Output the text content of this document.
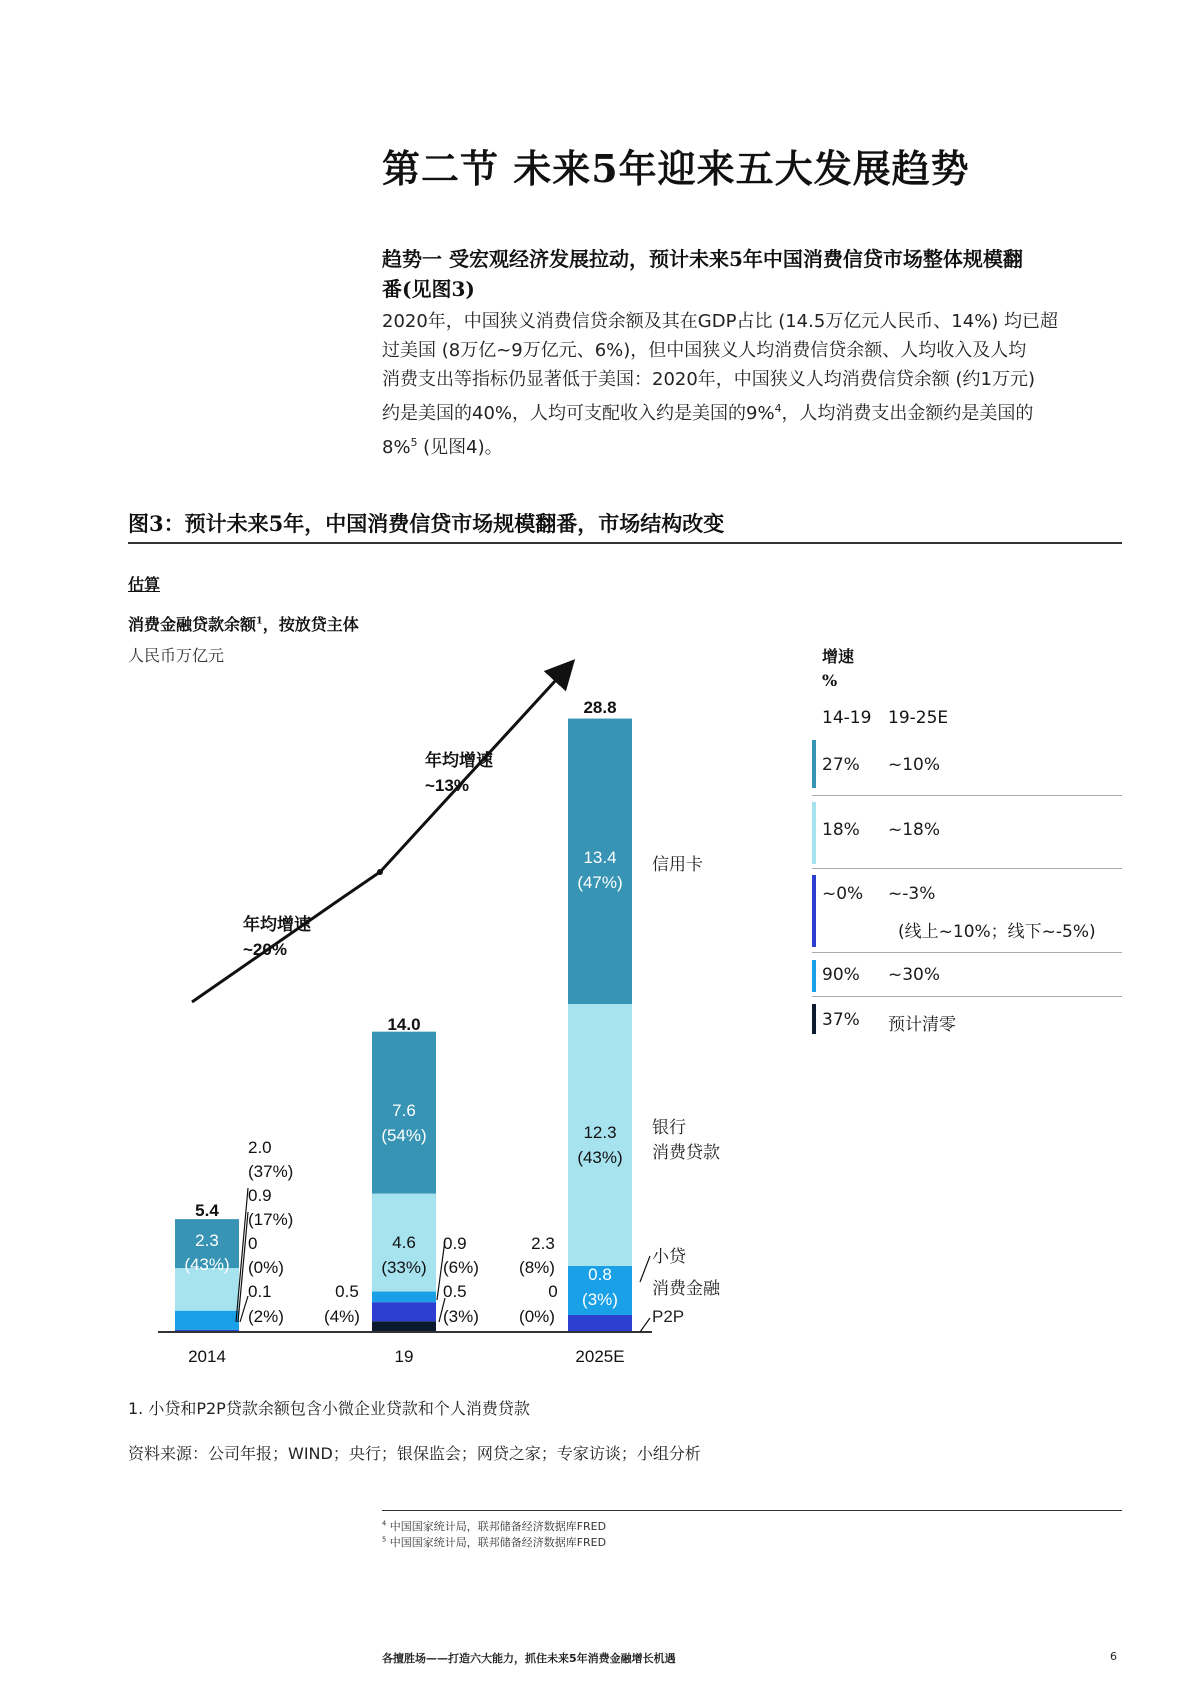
第二节 未来5年迎来五大发展趋势
趋势一 受宏观经济发展拉动，预计未来5年中国消费信贷市场整体规模翻
番(见图3)
2020年，中国狭义消费信贷余额及其在GDP占比 (14.5万亿元人民币、14%) 均已超
过美国 (8万亿~9万亿元、6%)，但中国狭义人均消费信贷余额、人均收入及人均
消费支出等指标仍显著低于美国：2020年，中国狭义人均消费信贷余额 (约1万元)
约是美国的40%，人均可支配收入约是美国的9%$^4$，人均消费支出金额约是美国的
8%$^5$ (见图4)。
图3：预计未来5年，中国消费信贷市场规模翻番，市场结构改变
估算
消费金融贷款余额$^1$，按放贷主体
人民币万亿元
年均增速
~20%
年均增速
~13%
2014	19	2025E
5.4
14.0
28.8
2.3
(43%)
7.6
(54%)
13.4
(47%)
4.6
(33%)
12.3
(43%)
0.8
(3%)
2.0
(37%)
0.9
(17%)
0
(0%)
0.1
(2%)
0.5
(4%)
0.9
(6%)
0.5
(3%)
2.3
(8%)
0
(0%)
信用卡
银行
消费贷款
小贷
消费金融
P2P
增速
%
14-19 19-25E
27% ~10%
18% ~18%
~0% ~-3%
(线上~10%；线下~-5%)
90% ~30%
37% 预计清零
1. 小贷和P2P贷款余额包含小微企业贷款和个人消费贷款
资料来源：公司年报；WIND；央行；银保监会；网贷之家；专家访谈；小组分析
$^4$ 中国国家统计局，联邦储备经济数据库FRED
$^5$ 中国国家统计局，联邦储备经济数据库FRED
各擅胜场——打造六大能力，抓住未来5年消费金融增长机遇	6
